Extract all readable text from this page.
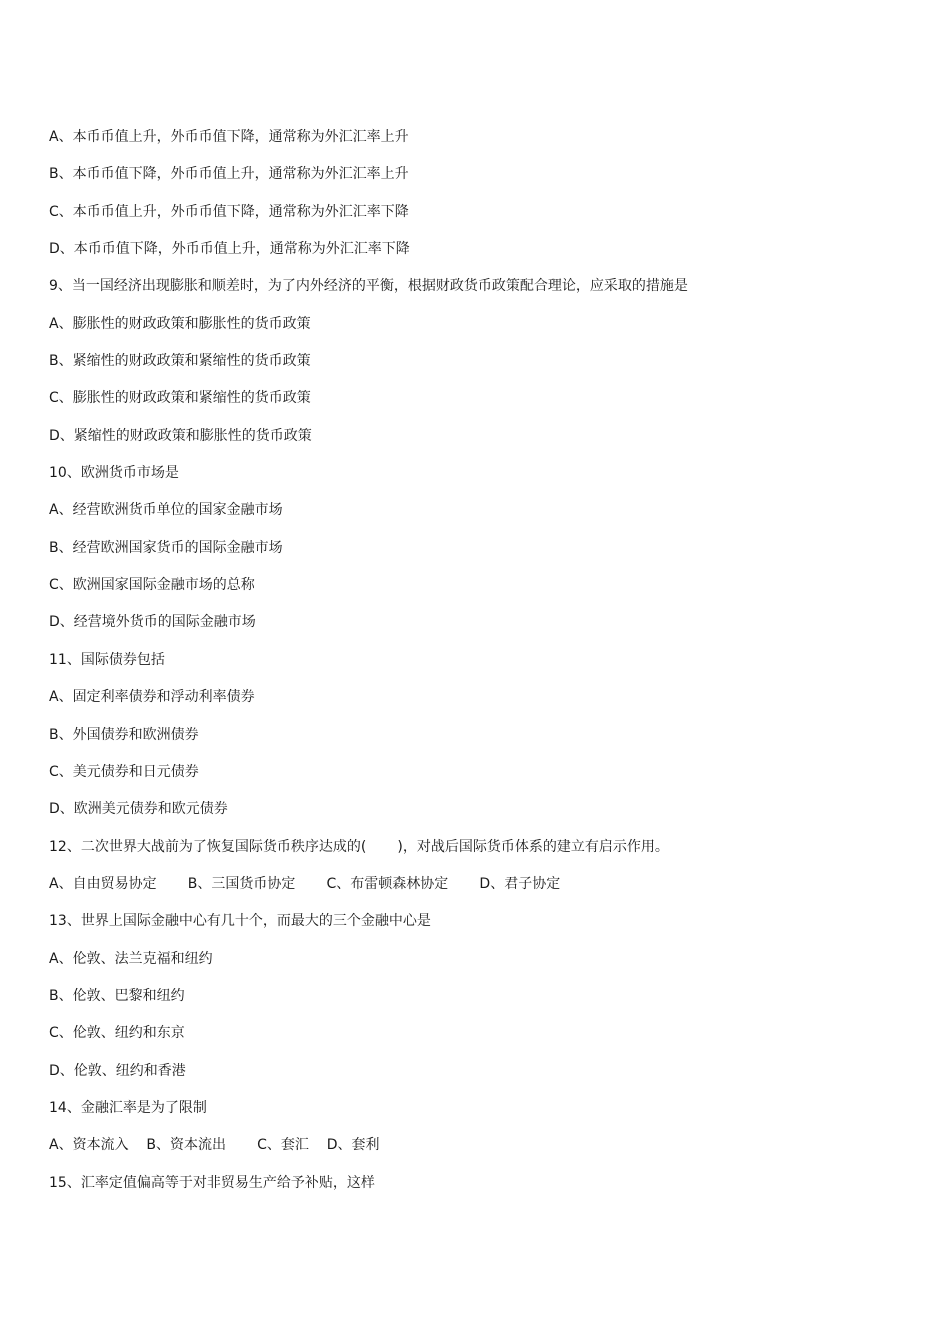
A、本币币值上升，外币币值下降，通常称为外汇汇率上升
B、本币币值下降，外币币值上升，通常称为外汇汇率上升
C、本币币值上升，外币币值下降，通常称为外汇汇率下降
D、本币币值下降，外币币值上升，通常称为外汇汇率下降
9、当一国经济出现膨胀和顺差时，为了内外经济的平衡，根据财政货币政策配合理论，应采取的措施是
A、膨胀性的财政政策和膨胀性的货币政策
B、紧缩性的财政政策和紧缩性的货币政策
C、膨胀性的财政政策和紧缩性的货币政策
D、紧缩性的财政政策和膨胀性的货币政策
10、欧洲货币市场是
A、经营欧洲货币单位的国家金融市场
B、经营欧洲国家货币的国际金融市场
C、欧洲国家国际金融市场的总称
D、经营境外货币的国际金融市场
11、国际债券包括
A、固定利率债券和浮动利率债券
B、外国债券和欧洲债券
C、美元债券和日元债券
D、欧洲美元债券和欧元债券
12、二次世界大战前为了恢复国际货币秩序达成的(       )，对战后国际货币体系的建立有启示作用。
A、自由贸易协定       B、三国货币协定       C、布雷顿森林协定       D、君子协定
13、世界上国际金融中心有几十个，而最大的三个金融中心是
A、伦敦、法兰克福和纽约
B、伦敦、巴黎和纽约
C、伦敦、纽约和东京
D、伦敦、纽约和香港
14、金融汇率是为了限制
A、资本流入    B、资本流出       C、套汇    D、套利
15、汇率定值偏高等于对非贸易生产给予补贴，这样
